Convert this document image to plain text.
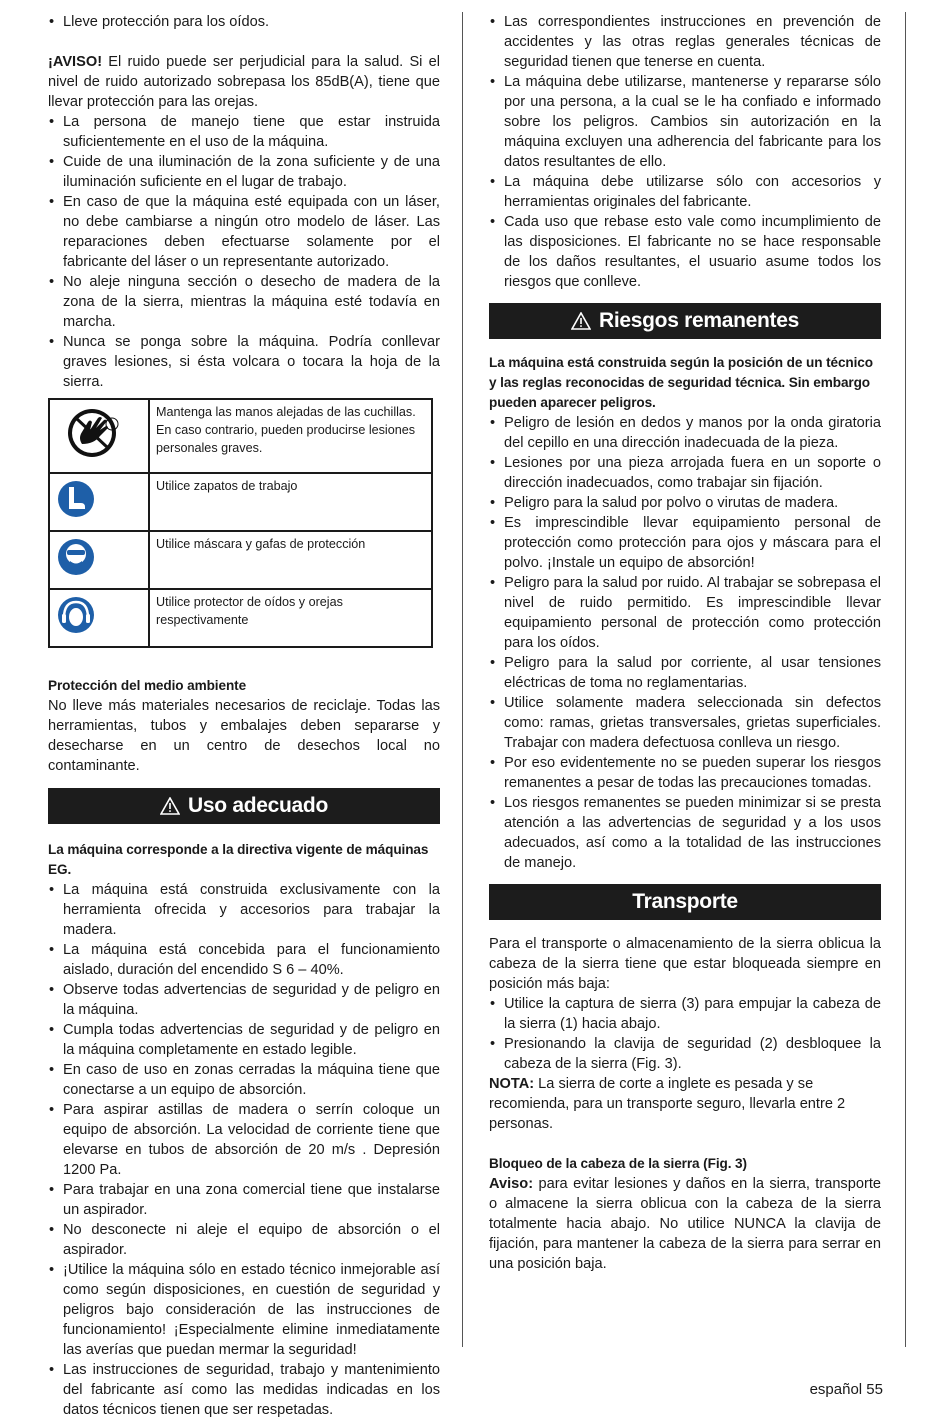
• Lleve protección para los oídos.

¡AVISO! El ruido puede ser perjudicial para la salud. Si el nivel de ruido autorizado sobrepasa los 85dB(A), tiene que llevar protección para las orejas.

• La persona de manejo tiene que estar instruida suficientemente en el uso de la máquina.
• Cuide de una iluminación de la zona suficiente y de una iluminación suficiente en el lugar de trabajo.
• En caso de que la máquina esté equipada con un láser, no debe cambiarse a ningún otro modelo de láser. Las reparaciones deben efectuarse solamente por el fabricante del láser o un representante autorizado.
• No aleje ninguna sección o desecho de madera de la zona de la sierra, mientras la máquina esté todavía en marcha.
• Nunca se ponga sobre la máquina. Podría conllevar graves lesiones, si ésta volcara o tocara la hoja de la sierra.
	Mantenga las manos alejadas de las cuchillas. En caso contrario, pueden producirse lesiones personales graves.
	Utilice zapatos de trabajo
	Utilice máscara y gafas de protección
	Utilice protector de oídos y orejas respectivamente

Protección del medio ambiente

No lleve más materiales necesarios de reciclaje. Todas las herramientas, tubos y embalajes deben separarse y desecharse en un centro de desechos local no contaminante.

Uso adecuado

La máquina corresponde a la directiva vigente de máquinas EG.

• La máquina está construida exclusivamente con la herramienta ofrecida y accesorios para trabajar la madera.
• La máquina está concebida para el funcionamiento aislado, duración del encendido S 6 – 40%.
• Observe todas advertencias de seguridad y de peligro en la máquina.
• Cumpla todas advertencias de seguridad y de peligro en la máquina completamente en estado legible.
• En caso de uso en zonas cerradas la máquina tiene que conectarse a un equipo de absorción.
• Para aspirar astillas de madera o serrín coloque un equipo de absorción. La velocidad de corriente tiene que elevarse en tubos de absorción de 20 m/s . Depresión 1200 Pa.
• Para trabajar en una zona comercial tiene que instalarse un aspirador.
• No desconecte ni aleje el equipo de absorción o el aspirador.
• ¡Utilice la máquina sólo en estado técnico inmejorable así como según disposiciones, en cuestión de seguridad y peligros bajo consideración de las instrucciones de funcionamiento! ¡Especialmente elimine inmediatamente las averías que puedan mermar la seguridad!
• Las instrucciones de seguridad, trabajo y mantenimiento del fabricante así como las medidas indicadas en los datos técnicos tienen que ser respetadas.
• Las correspondientes instrucciones en prevención de accidentes y las otras reglas generales técnicas de seguridad tienen que tenerse en cuenta.
• La máquina debe utilizarse, mantenerse y repararse sólo por una persona, a la cual se le ha confiado e informado sobre los peligros. Cambios sin autorización en la máquina excluyen una adherencia del fabricante para los datos resultantes de ello.
• La máquina debe utilizarse sólo con accesorios y herramientas originales del fabricante.
• Cada uso que rebase esto vale como incumplimiento de las disposiciones. El fabricante no se hace responsable de los daños resultantes, el usuario asume todos los riesgos que conlleve.
Riesgos remanentes

La máquina está construida según la posición de un técnico y las reglas reconocidas de seguridad técnica. Sin embargo pueden aparecer peligros.

• Peligro de lesión en dedos y manos por la onda giratoria del cepillo en una dirección inadecuada de la pieza.
• Lesiones por una pieza arrojada fuera en un soporte o dirección inadecuados, como trabajar sin fijación.
• Peligro para la salud por polvo o virutas de madera.
• Es imprescindible llevar equipamiento personal de protección como protección para ojos y máscara para el polvo. ¡Instale un equipo de absorción!
• Peligro para la salud por ruido. Al trabajar se sobrepasa el nivel de ruido permitido. Es imprescindible llevar equipamiento personal de protección como protección para los oídos.
• Peligro para la salud por corriente, al usar tensiones eléctricas de toma no reglamentarias.
• Utilice solamente madera seleccionada sin defectos como: ramas, grietas transversales, grietas superficiales. Trabajar con madera defectuosa conlleva un riesgo.
• Por eso evidentemente no se pueden superar los riesgos remanentes a pesar de todas las precauciones tomadas.
• Los riesgos remanentes se pueden minimizar si se presta atención a las advertencias de seguridad y a los usos adecuados, así como a la totalidad de las instrucciones de manejo.
Transporte

Para el transporte o almacenamiento de la sierra oblicua la cabeza de la sierra tiene que estar bloqueada siempre en posición más baja:

• Utilice la captura de sierra (3) para empujar la cabeza de la sierra (1) hacia abajo.
• Presionando la clavija de seguridad (2) desbloquee la cabeza de la sierra (Fig. 3).

NOTA: La sierra de corte a inglete es pesada y se recomienda, para un transporte seguro, llevarla entre 2 personas.

Bloqueo de la cabeza de la sierra (Fig. 3)

Aviso: para evitar lesiones y daños en la sierra, transporte o almacene la sierra oblicua con la cabeza de la sierra totalmente hacia abajo. No utilice NUNCA la clavija de fijación, para mantener la cabeza de la sierra para serrar en una posición baja.

español 55
